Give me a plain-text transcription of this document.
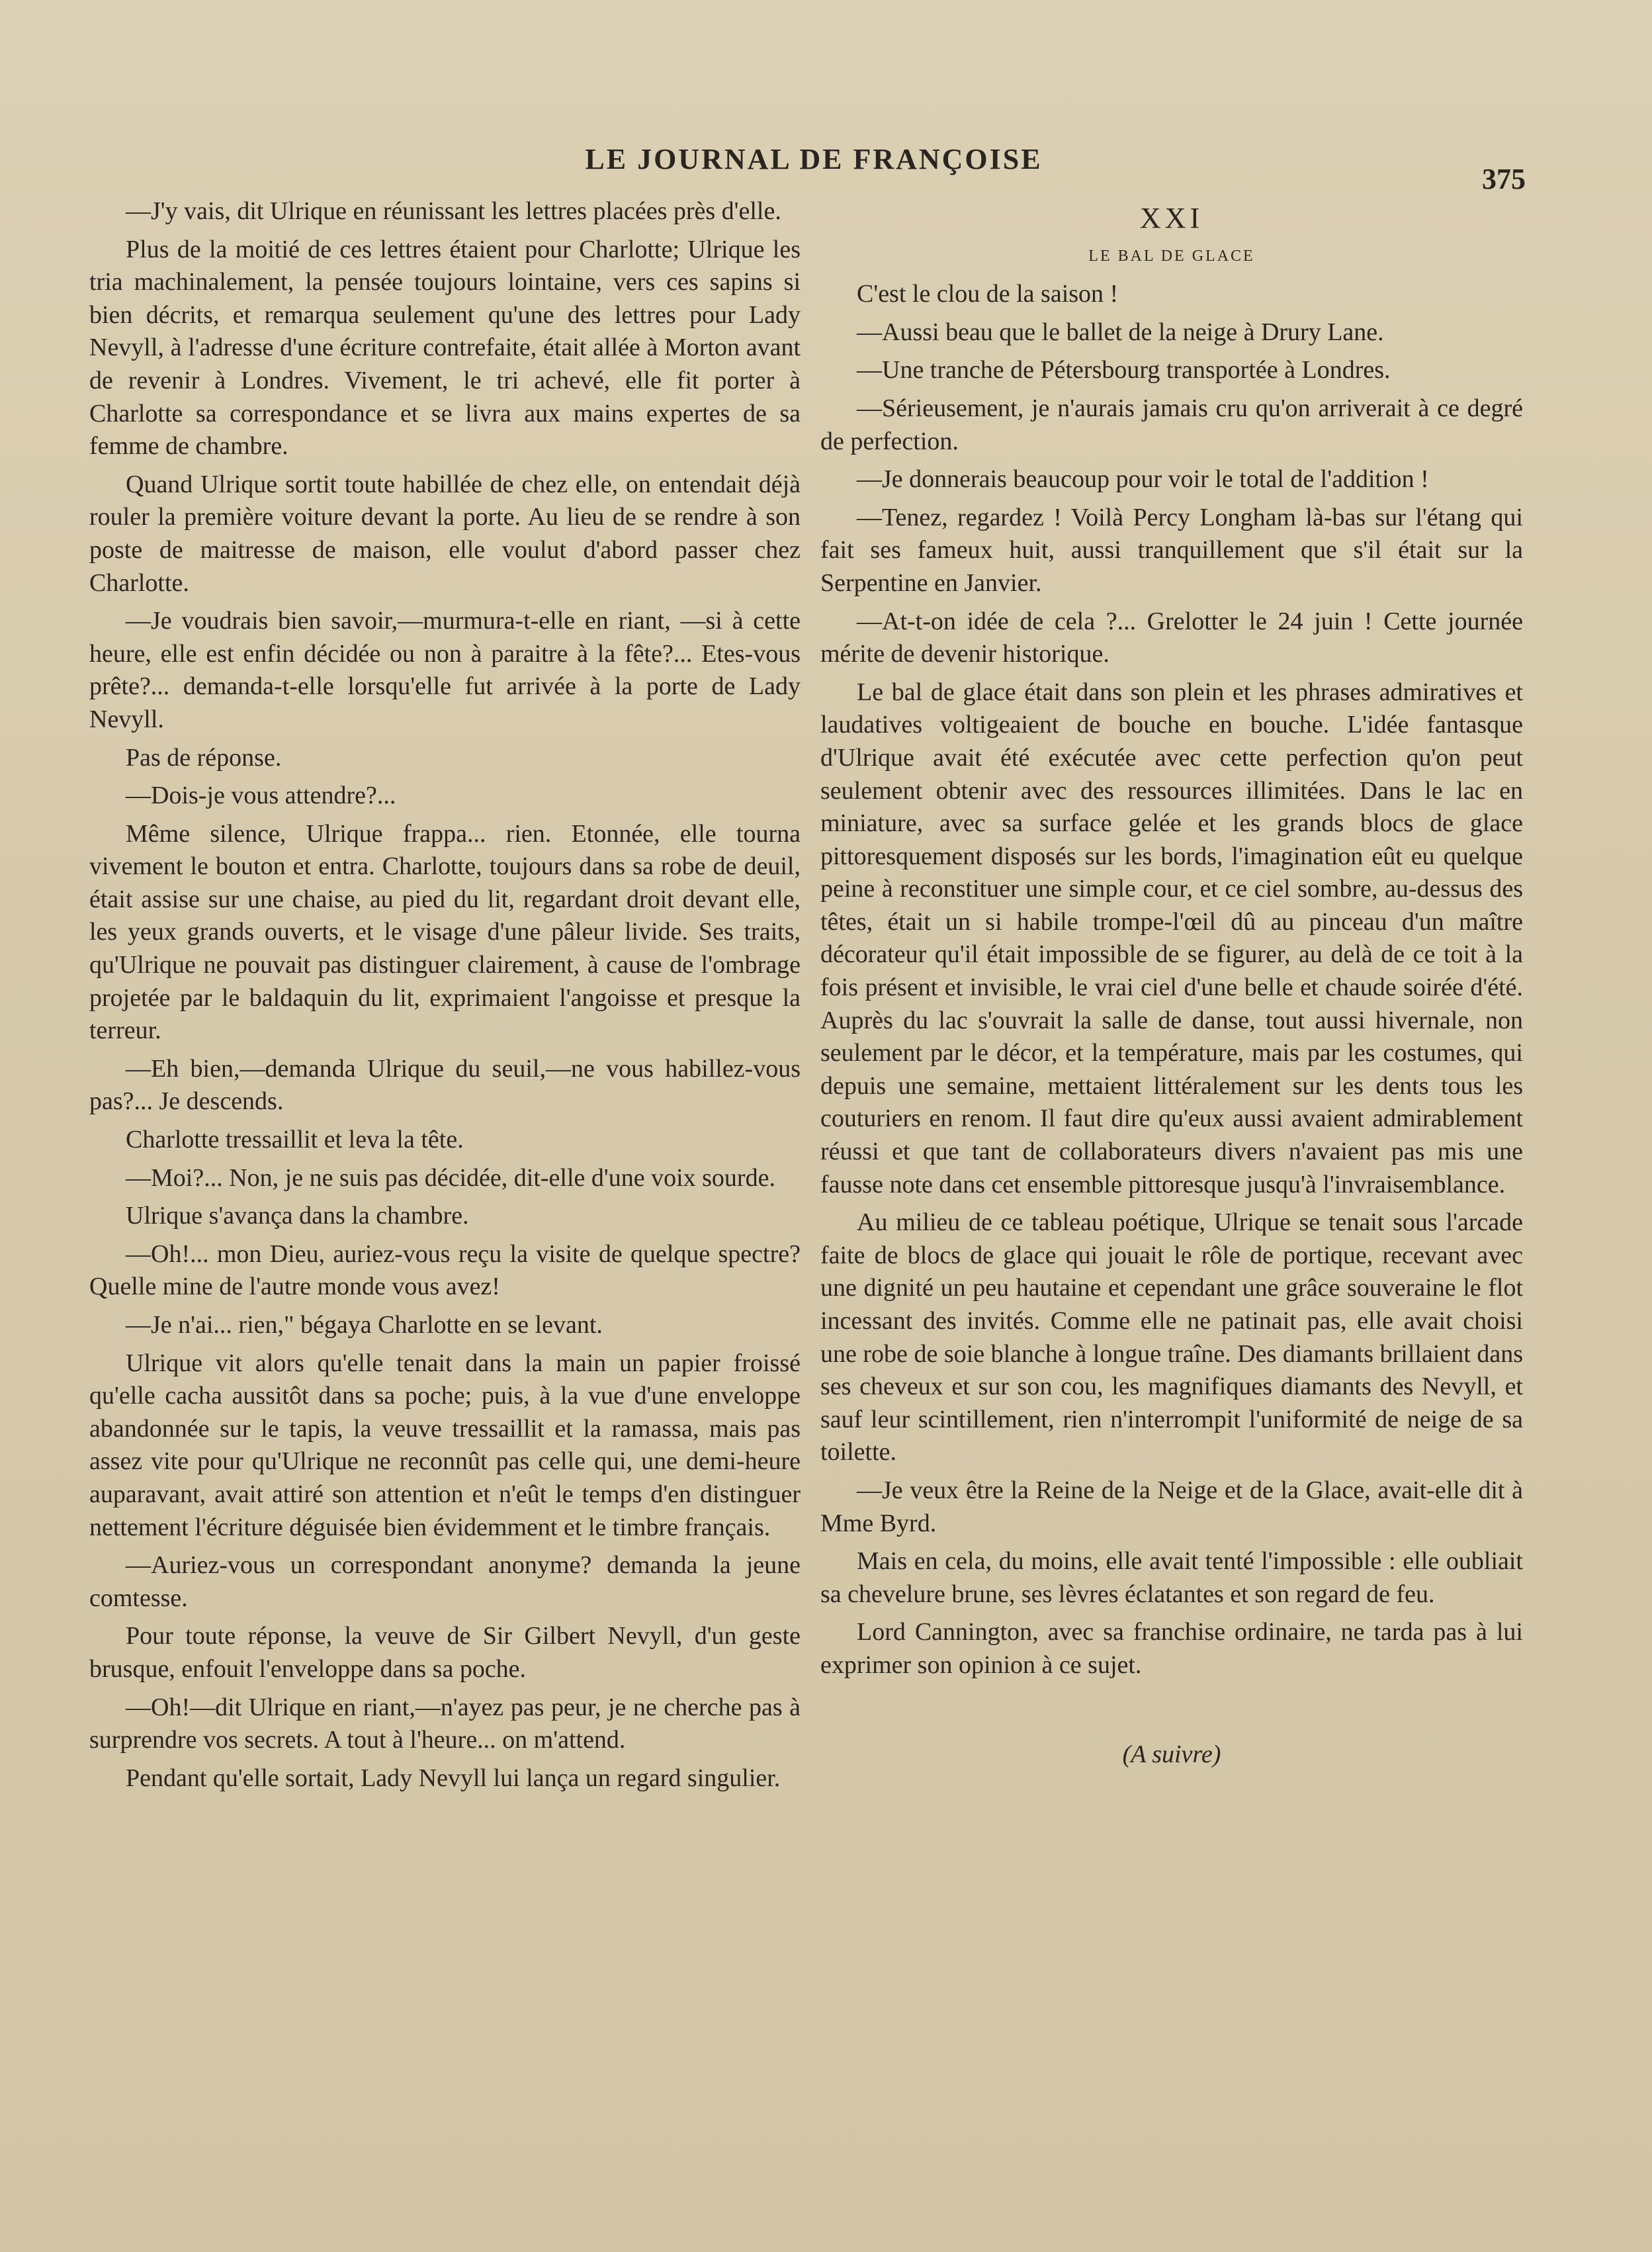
LE JOURNAL DE FRANÇOISE
375

—J'y vais, dit Ulrique en réunissant les lettres placées près d'elle.

Plus de la moitié de ces lettres étaient pour Charlotte; Ulrique les tria machinalement, la pensée toujours lointaine, vers ces sapins si bien décrits, et remarqua seulement qu'une des lettres pour Lady Nevyll, à l'adresse d'une écriture contrefaite, était allée à Morton avant de revenir à Londres. Vivement, le tri achevé, elle fit porter à Charlotte sa correspondance et se livra aux mains expertes de sa femme de chambre.

Quand Ulrique sortit toute habillée de chez elle, on entendait déjà rouler la première voiture devant la porte. Au lieu de se rendre à son poste de maitresse de maison, elle voulut d'abord passer chez Charlotte.

—Je voudrais bien savoir,—murmura-t-elle en riant, —si à cette heure, elle est enfin décidée ou non à paraitre à la fête?... Etes-vous prête?... demanda-t-elle lorsqu'elle fut arrivée à la porte de Lady Nevyll.

Pas de réponse.

—Dois-je vous attendre?...

Même silence, Ulrique frappa... rien. Etonnée, elle tourna vivement le bouton et entra. Charlotte, toujours dans sa robe de deuil, était assise sur une chaise, au pied du lit, regardant droit devant elle, les yeux grands ouverts, et le visage d'une pâleur livide. Ses traits, qu'Ulrique ne pouvait pas distinguer clairement, à cause de l'ombrage projetée par le baldaquin du lit, exprimaient l'angoisse et presque la terreur.

—Eh bien,—demanda Ulrique du seuil,—ne vous habillez-vous pas?... Je descends.

Charlotte tressaillit et leva la tête.

—Moi?... Non, je ne suis pas décidée, dit-elle d'une voix sourde.

Ulrique s'avança dans la chambre.

—Oh!... mon Dieu, auriez-vous reçu la visite de quelque spectre? Quelle mine de l'autre monde vous avez!

—Je n'ai... rien," bégaya Charlotte en se levant.

Ulrique vit alors qu'elle tenait dans la main un papier froissé qu'elle cacha aussitôt dans sa poche; puis, à la vue d'une enveloppe abandonnée sur le tapis, la veuve tressaillit et la ramassa, mais pas assez vite pour qu'Ulrique ne reconnût pas celle qui, une demi-heure auparavant, avait attiré son attention et n'eût le temps d'en distinguer nettement l'écriture déguisée bien évidemment et le timbre français.

—Auriez-vous un correspondant anonyme? demanda la jeune comtesse.

Pour toute réponse, la veuve de Sir Gilbert Nevyll, d'un geste brusque, enfouit l'enveloppe dans sa poche.

—Oh!—dit Ulrique en riant,—n'ayez pas peur, je ne cherche pas à surprendre vos secrets. A tout à l'heure... on m'attend.

Pendant qu'elle sortait, Lady Nevyll lui lança un regard singulier.

XXI

LE BAL DE GLACE

C'est le clou de la saison !

—Aussi beau que le ballet de la neige à Drury Lane.

—Une tranche de Pétersbourg transportée à Londres.

—Sérieusement, je n'aurais jamais cru qu'on arriverait à ce degré de perfection.

—Je donnerais beaucoup pour voir le total de l'addition !

—Tenez, regardez ! Voilà Percy Longham là-bas sur l'étang qui fait ses fameux huit, aussi tranquillement que s'il était sur la Serpentine en Janvier.

—At-t-on idée de cela ?... Grelotter le 24 juin ! Cette journée mérite de devenir historique.

Le bal de glace était dans son plein et les phrases admiratives et laudatives voltigeaient de bouche en bouche. L'idée fantasque d'Ulrique avait été exécutée avec cette perfection qu'on peut seulement obtenir avec des ressources illimitées. Dans le lac en miniature, avec sa surface gelée et les grands blocs de glace pittoresquement disposés sur les bords, l'imagination eût eu quelque peine à reconstituer une simple cour, et ce ciel sombre, au-dessus des têtes, était un si habile trompe-l'œil dû au pinceau d'un maître décorateur qu'il était impossible de se figurer, au delà de ce toit à la fois présent et invisible, le vrai ciel d'une belle et chaude soirée d'été. Auprès du lac s'ouvrait la salle de danse, tout aussi hivernale, non seulement par le décor, et la température, mais par les costumes, qui depuis une semaine, mettaient littéralement sur les dents tous les couturiers en renom. Il faut dire qu'eux aussi avaient admirablement réussi et que tant de collaborateurs divers n'avaient pas mis une fausse note dans cet ensemble pittoresque jusqu'à l'invraisemblance.

Au milieu de ce tableau poétique, Ulrique se tenait sous l'arcade faite de blocs de glace qui jouait le rôle de portique, recevant avec une dignité un peu hautaine et cependant une grâce souveraine le flot incessant des invités. Comme elle ne patinait pas, elle avait choisi une robe de soie blanche à longue traîne. Des diamants brillaient dans ses cheveux et sur son cou, les magnifiques diamants des Nevyll, et sauf leur scintillement, rien n'interrompit l'uniformité de neige de sa toilette.

—Je veux être la Reine de la Neige et de la Glace, avait-elle dit à Mme Byrd.

Mais en cela, du moins, elle avait tenté l'impossible : elle oubliait sa chevelure brune, ses lèvres éclatantes et son regard de feu.

Lord Cannington, avec sa franchise ordinaire, ne tarda pas à lui exprimer son opinion à ce sujet.

(A suivre)
